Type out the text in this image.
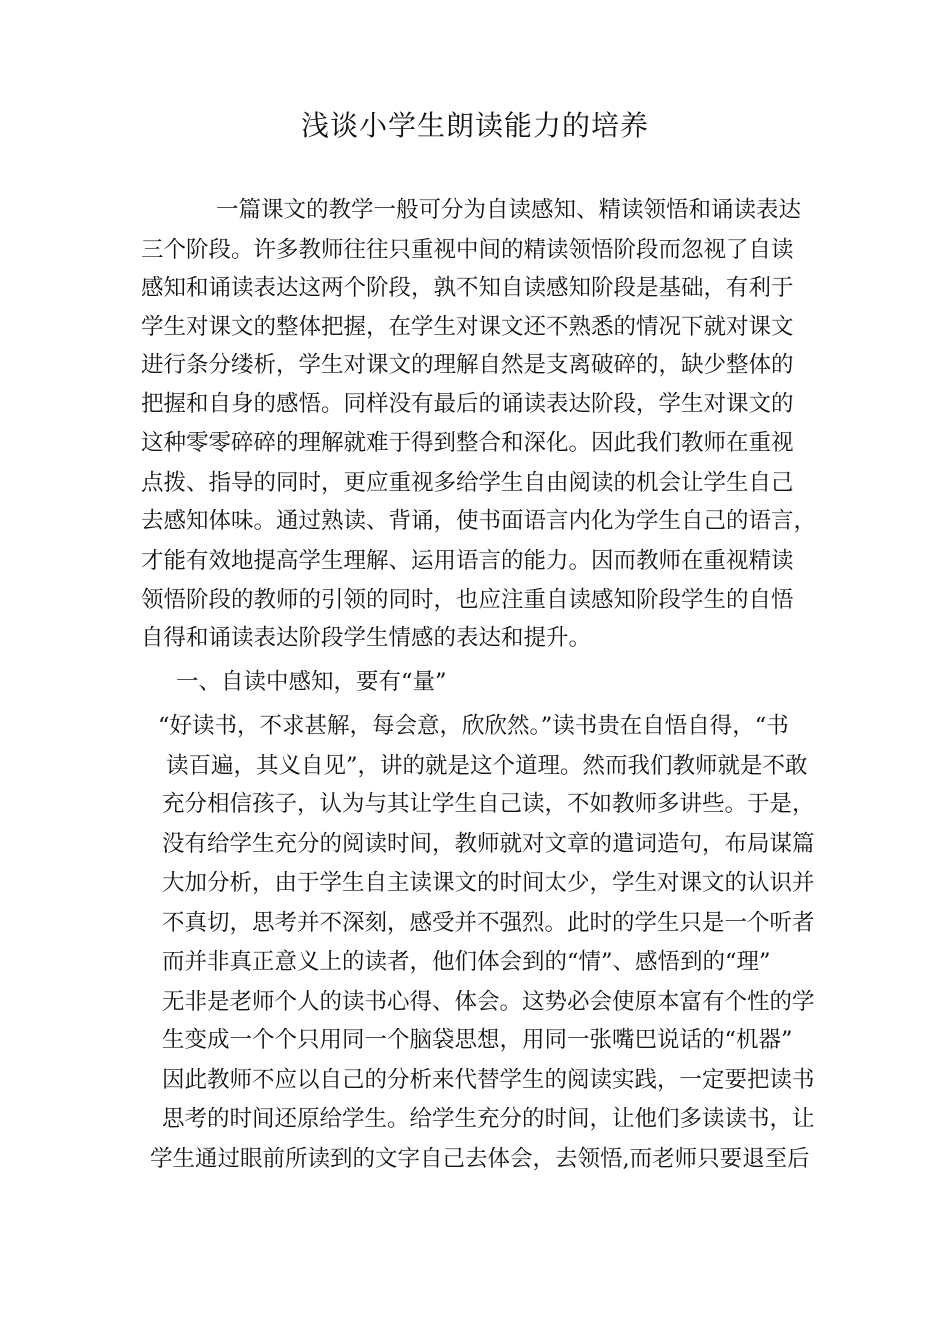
浅谈小学生朗读能力的培养

一篇课文的教学一般可分为自读感知、精读领悟和诵读表达

三个阶段。许多教师往往只重视中间的精读领悟阶段而忽视了自读

感知和诵读表达这两个阶段，孰不知自读感知阶段是基础，有利于

学生对课文的整体把握，在学生对课文还不熟悉的情况下就对课文

进行条分缕析，学生对课文的理解自然是支离破碎的，缺少整体的

把握和自身的感悟。同样没有最后的诵读表达阶段，学生对课文的

这种零零碎碎的理解就难于得到整合和深化。因此我们教师在重视

点拨、指导的同时，更应重视多给学生自由阅读的机会让学生自己

去感知体味。通过熟读、背诵，使书面语言内化为学生自己的语言，

才能有效地提高学生理解、运用语言的能力。因而教师在重视精读

领悟阶段的教师的引领的同时，也应注重自读感知阶段学生的自悟

自得和诵读表达阶段学生情感的表达和提升。

一、自读中感知，要有“量”

“好读书，不求甚解，每会意，欣欣然。”读书贵在自悟自得，“书

读百遍，其义自见”，讲的就是这个道理。然而我们教师就是不敢

充分相信孩子，认为与其让学生自己读，不如教师多讲些。于是，

没有给学生充分的阅读时间，教师就对文章的遣词造句，布局谋篇

大加分析，由于学生自主读课文的时间太少，学生对课文的认识并

不真切，思考并不深刻，感受并不强烈。此时的学生只是一个听者

而并非真正意义上的读者，他们体会到的“情”、感悟到的“理”

无非是老师个人的读书心得、体会。这势必会使原本富有个性的学

生变成一个个只用同一个脑袋思想，用同一张嘴巴说话的“机器”

因此教师不应以自己的分析来代替学生的阅读实践，一定要把读书

思考的时间还原给学生。给学生充分的时间，让他们多读读书，让

学生通过眼前所读到的文字自己去体会，去领悟,而老师只要退至后
